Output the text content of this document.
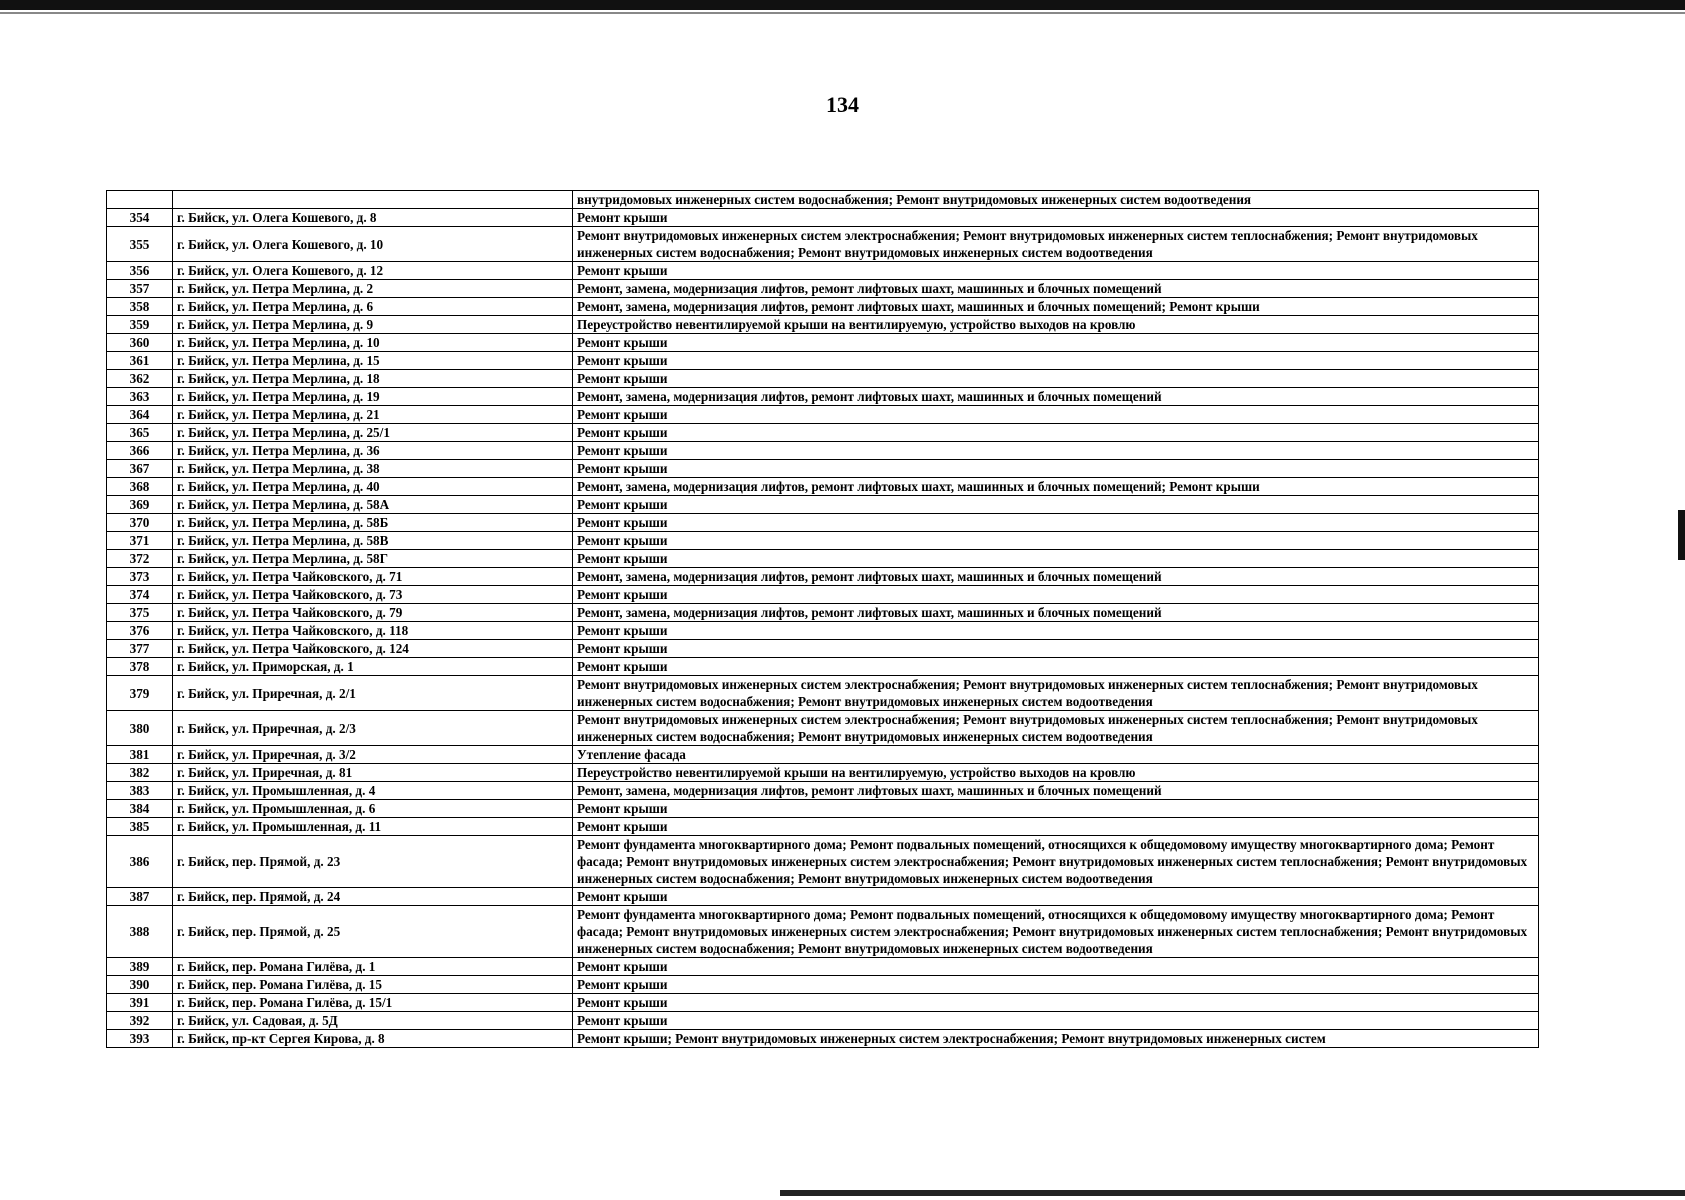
134
		внутридомовых инженерных систем водоснабжения; Ремонт внутридомовых инженерных систем водоотведения
354	г. Бийск, ул. Олега Кошевого, д. 8	Ремонт крыши
355	г. Бийск, ул. Олега Кошевого, д. 10	Ремонт внутридомовых инженерных систем электроснабжения; Ремонт внутридомовых инженерных систем теплоснабжения; Ремонт внутридомовых инженерных систем водоснабжения; Ремонт внутридомовых инженерных систем водоотведения
356	г. Бийск, ул. Олега Кошевого, д. 12	Ремонт крыши
357	г. Бийск, ул. Петра Мерлина, д. 2	Ремонт, замена, модернизация лифтов, ремонт лифтовых шахт, машинных и блочных помещений
358	г. Бийск, ул. Петра Мерлина, д. 6	Ремонт, замена, модернизация лифтов, ремонт лифтовых шахт, машинных и блочных помещений; Ремонт крыши
359	г. Бийск, ул. Петра Мерлина, д. 9	Переустройство невентилируемой крыши на вентилируемую, устройство выходов на кровлю
360	г. Бийск, ул. Петра Мерлина, д. 10	Ремонт крыши
361	г. Бийск, ул. Петра Мерлина, д. 15	Ремонт крыши
362	г. Бийск, ул. Петра Мерлина, д. 18	Ремонт крыши
363	г. Бийск, ул. Петра Мерлина, д. 19	Ремонт, замена, модернизация лифтов, ремонт лифтовых шахт, машинных и блочных помещений
364	г. Бийск, ул. Петра Мерлина, д. 21	Ремонт крыши
365	г. Бийск, ул. Петра Мерлина, д. 25/1	Ремонт крыши
366	г. Бийск, ул. Петра Мерлина, д. 36	Ремонт крыши
367	г. Бийск, ул. Петра Мерлина, д. 38	Ремонт крыши
368	г. Бийск, ул. Петра Мерлина, д. 40	Ремонт, замена, модернизация лифтов, ремонт лифтовых шахт, машинных и блочных помещений; Ремонт крыши
369	г. Бийск, ул. Петра Мерлина, д. 58А	Ремонт крыши
370	г. Бийск, ул. Петра Мерлина, д. 58Б	Ремонт крыши
371	г. Бийск, ул. Петра Мерлина, д. 58В	Ремонт крыши
372	г. Бийск, ул. Петра Мерлина, д. 58Г	Ремонт крыши
373	г. Бийск, ул. Петра Чайковского, д. 71	Ремонт, замена, модернизация лифтов, ремонт лифтовых шахт, машинных и блочных помещений
374	г. Бийск, ул. Петра Чайковского, д. 73	Ремонт крыши
375	г. Бийск, ул. Петра Чайковского, д. 79	Ремонт, замена, модернизация лифтов, ремонт лифтовых шахт, машинных и блочных помещений
376	г. Бийск, ул. Петра Чайковского, д. 118	Ремонт крыши
377	г. Бийск, ул. Петра Чайковского, д. 124	Ремонт крыши
378	г. Бийск, ул. Приморская, д. 1	Ремонт крыши
379	г. Бийск, ул. Приречная, д. 2/1	Ремонт внутридомовых инженерных систем электроснабжения; Ремонт внутридомовых инженерных систем теплоснабжения; Ремонт внутридомовых инженерных систем водоснабжения; Ремонт внутридомовых инженерных систем водоотведения
380	г. Бийск, ул. Приречная, д. 2/3	Ремонт внутридомовых инженерных систем электроснабжения; Ремонт внутридомовых инженерных систем теплоснабжения; Ремонт внутридомовых инженерных систем водоснабжения; Ремонт внутридомовых инженерных систем водоотведения
381	г. Бийск, ул. Приречная, д. 3/2	Утепление фасада
382	г. Бийск, ул. Приречная, д. 81	Переустройство невентилируемой крыши на вентилируемую, устройство выходов на кровлю
383	г. Бийск, ул. Промышленная, д. 4	Ремонт, замена, модернизация лифтов, ремонт лифтовых шахт, машинных и блочных помещений
384	г. Бийск, ул. Промышленная, д. 6	Ремонт крыши
385	г. Бийск, ул. Промышленная, д. 11	Ремонт крыши
386	г. Бийск, пер. Прямой, д. 23	Ремонт фундамента многоквартирного дома; Ремонт подвальных помещений, относящихся к общедомовому имуществу многоквартирного дома; Ремонт фасада; Ремонт внутридомовых инженерных систем электроснабжения; Ремонт внутридомовых инженерных систем теплоснабжения; Ремонт внутридомовых инженерных систем водоснабжения; Ремонт внутридомовых инженерных систем водоотведения
387	г. Бийск, пер. Прямой, д. 24	Ремонт крыши
388	г. Бийск, пер. Прямой, д. 25	Ремонт фундамента многоквартирного дома; Ремонт подвальных помещений, относящихся к общедомовому имуществу многоквартирного дома; Ремонт фасада; Ремонт внутридомовых инженерных систем электроснабжения; Ремонт внутридомовых инженерных систем теплоснабжения; Ремонт внутридомовых инженерных систем водоснабжения; Ремонт внутридомовых инженерных систем водоотведения
389	г. Бийск, пер. Романа Гилёва, д. 1	Ремонт крыши
390	г. Бийск, пер. Романа Гилёва, д. 15	Ремонт крыши
391	г. Бийск, пер. Романа Гилёва, д. 15/1	Ремонт крыши
392	г. Бийск, ул. Садовая, д. 5Д	Ремонт крыши
393	г. Бийск, пр-кт Сергея Кирова, д. 8	Ремонт крыши; Ремонт внутридомовых инженерных систем электроснабжения; Ремонт внутридомовых инженерных систем
